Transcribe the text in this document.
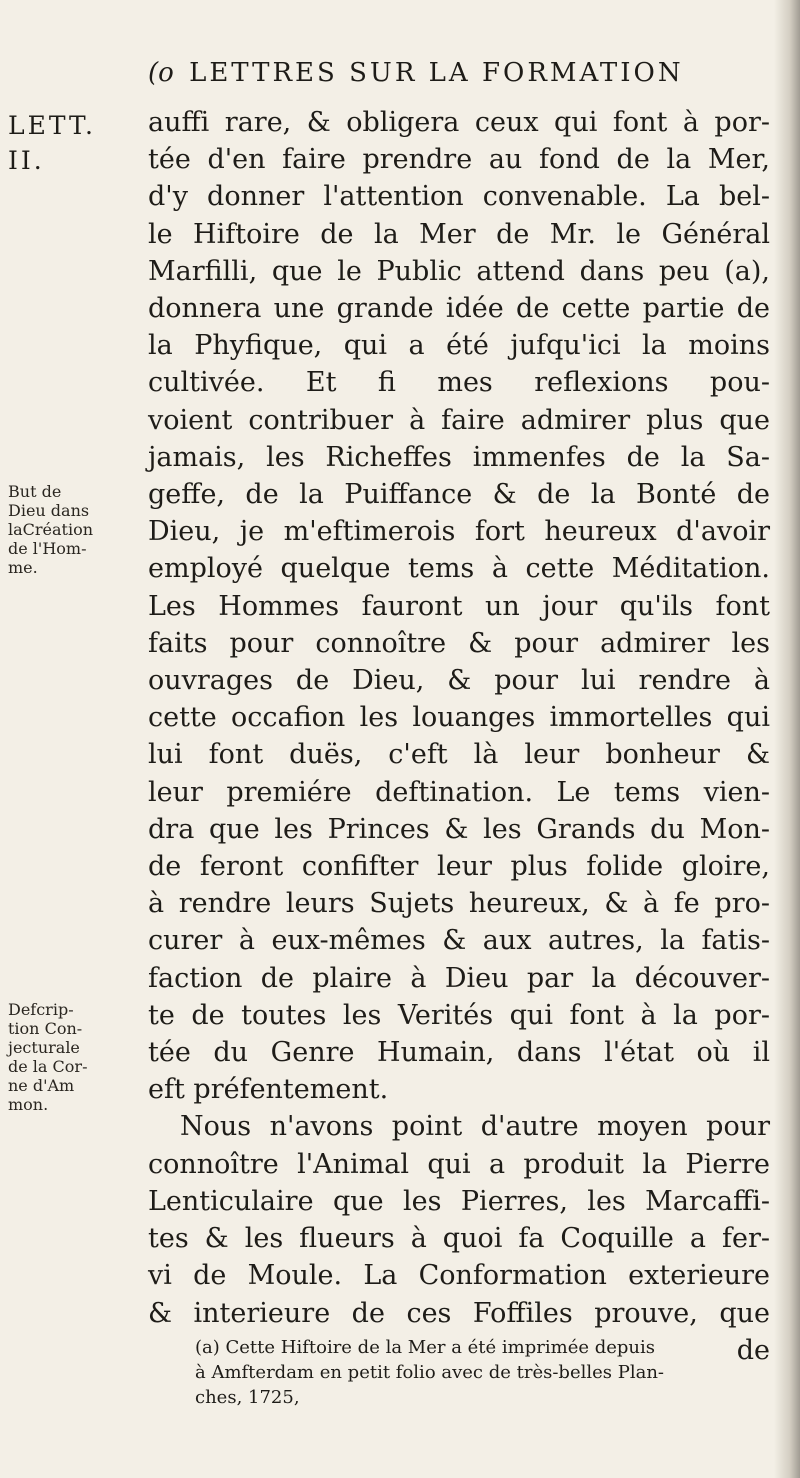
(o LETTRES SUR LA FORMATION
LETT.
II.
But de
Dieu dans
laCréation
de l'Hom-
me.
Defcrip-
tion Con-
jecturale
de la Cor-
ne d'Am
mon.
auffi rare, & obligera ceux qui font à por-
tée d'en faire prendre au fond de la Mer,
d'y donner l'attention convenable. La bel-
le Hiftoire de la Mer de Mr. le Général
Marfilli, que le Public attend dans peu (a),
donnera une grande idée de cette partie de
la Phyfique, qui a été jufqu'ici la moins
cultivée. Et fi mes reflexions pou-
voient contribuer à faire admirer plus que
jamais, les Richeffes immenfes de la Sa-
geffe, de la Puiffance & de la Bonté de
Dieu, je m'eftimerois fort heureux d'avoir
employé quelque tems à cette Méditation.
Les Hommes fauront un jour qu'ils font
faits pour connoître & pour admirer les
ouvrages de Dieu, & pour lui rendre à
cette occafion les louanges immortelles qui
lui font duës, c'eft là leur bonheur &
leur premiére deftination. Le tems vien-
dra que les Princes & les Grands du Mon-
de feront confifter leur plus folide gloire,
à rendre leurs Sujets heureux, & à fe pro-
curer à eux-mêmes & aux autres, la fatis-
faction de plaire à Dieu par la découver-
te de toutes les Verités qui font à la por-
tée du Genre Humain, dans l'état où il
eft préfentement.
Nous n'avons point d'autre moyen pour
connoître l'Animal qui a produit la Pierre
Lenticulaire que les Pierres, les Marcaffi-
tes & les flueurs à quoi fa Coquille a fer-
vi de Moule. La Conformation exterieure
& interieure de ces Foffiles prouve, que
de
(a) Cette Hiftoire de la Mer a été imprimée depuis
à Amfterdam en petit folio avec de très-belles Plan-
ches, 1725,
